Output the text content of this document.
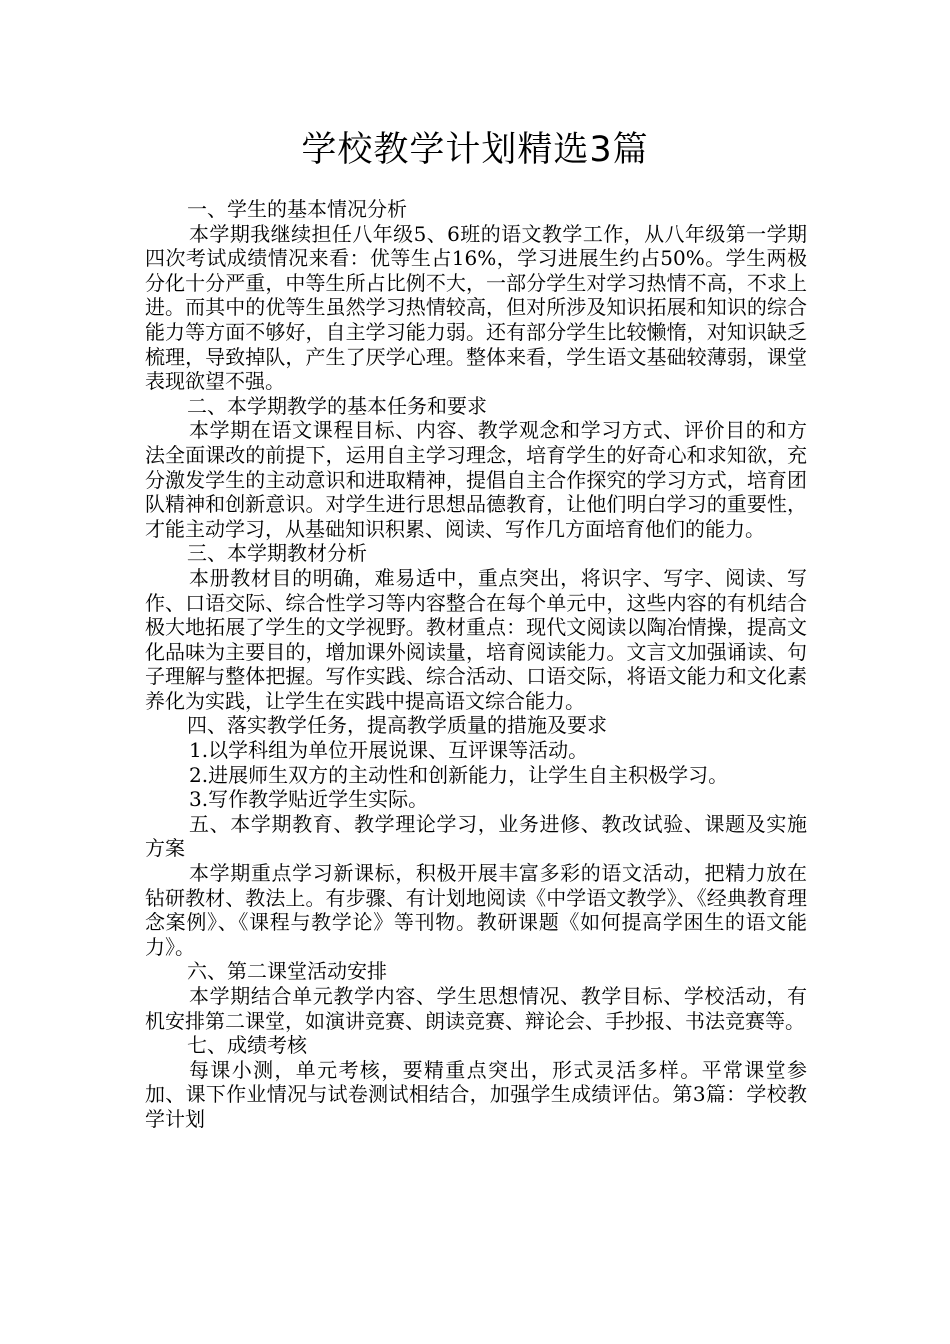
学校教学计划精选3篇

一、学生的基本情况分析

本学期我继续担任八年级5、6班的语文教学工作，从八年级第一学期四次考试成绩情况来看：优等生占16%，学习进展生约占50%。学生两极分化十分严重，中等生所占比例不大，一部分学生对学习热情不高，不求上进。而其中的优等生虽然学习热情较高，但对所涉及知识拓展和知识的综合能力等方面不够好，自主学习能力弱。还有部分学生比较懒惰，对知识缺乏梳理，导致掉队，产生了厌学心理。整体来看，学生语文基础较薄弱，课堂表现欲望不强。

二、本学期教学的基本任务和要求

本学期在语文课程目标、内容、教学观念和学习方式、评价目的和方法全面课改的前提下，运用自主学习理念，培育学生的好奇心和求知欲，充分激发学生的主动意识和进取精神，提倡自主合作探究的学习方式，培育团队精神和创新意识。对学生进行思想品德教育，让他们明白学习的重要性，才能主动学习，从基础知识积累、阅读、写作几方面培育他们的能力。

三、本学期教材分析

本册教材目的明确，难易适中，重点突出，将识字、写字、阅读、写作、口语交际、综合性学习等内容整合在每个单元中，这些内容的有机结合极大地拓展了学生的文学视野。教材重点：现代文阅读以陶冶情操，提高文化品味为主要目的，增加课外阅读量，培育阅读能力。文言文加强诵读、句子理解与整体把握。写作实践、综合活动、口语交际，将语文能力和文化素养化为实践，让学生在实践中提高语文综合能力。

四、落实教学任务，提高教学质量的措施及要求

1.以学科组为单位开展说课、互评课等活动。

2.进展师生双方的主动性和创新能力，让学生自主积极学习。

3.写作教学贴近学生实际。

五、本学期教育、教学理论学习，业务进修、教改试验、课题及实施方案

本学期重点学习新课标，积极开展丰富多彩的语文活动，把精力放在钻研教材、教法上。有步骤、有计划地阅读《中学语文教学》、《经典教育理念案例》、《课程与教学论》等刊物。教研课题《如何提高学困生的语文能力》。

六、第二课堂活动安排

本学期结合单元教学内容、学生思想情况、教学目标、学校活动，有机安排第二课堂，如演讲竞赛、朗读竞赛、辩论会、手抄报、书法竞赛等。

七、成绩考核

每课小测，单元考核，要精重点突出，形式灵活多样。平常课堂参加、课下作业情况与试卷测试相结合，加强学生成绩评估。第3篇：学校教学计划
